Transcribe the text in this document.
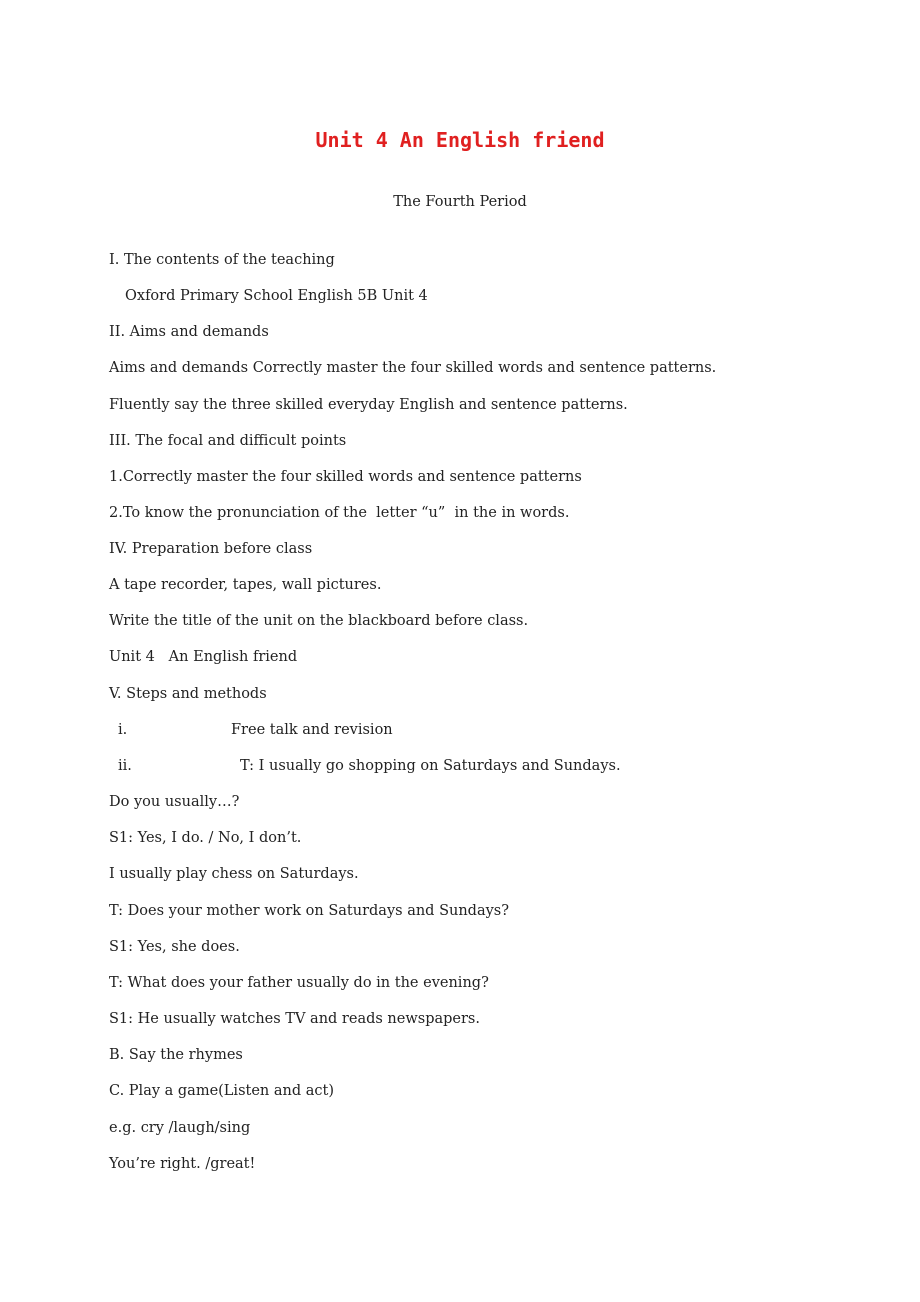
Unit 4 An English friend
The Fourth Period
I. The contents of the teaching
Oxford Primary School English 5B Unit 4
II. Aims and demands
Aims and demands Correctly master the four skilled words and sentence patterns.
Fluently say the three skilled everyday English and sentence patterns.
III. The focal and difficult points
1.Correctly master the four skilled words and sentence patterns
2.To know the pronunciation of the  letter “u”  in the in words.
IV. Preparation before class
A tape recorder, tapes, wall pictures.
Write the title of the unit on the blackboard before class.
Unit 4   An English friend
V. Steps and methods
i.	Free talk and revision
ii.	T: I usually go shopping on Saturdays and Sundays.
Do you usually…?
S1: Yes, I do. / No, I don’t.
I usually play chess on Saturdays.
T: Does your mother work on Saturdays and Sundays?
S1: Yes, she does.
T: What does your father usually do in the evening?
S1: He usually watches TV and reads newspapers.
B. Say the rhymes
C. Play a game(Listen and act)
e.g. cry /laugh/sing
You’re right. /great!
